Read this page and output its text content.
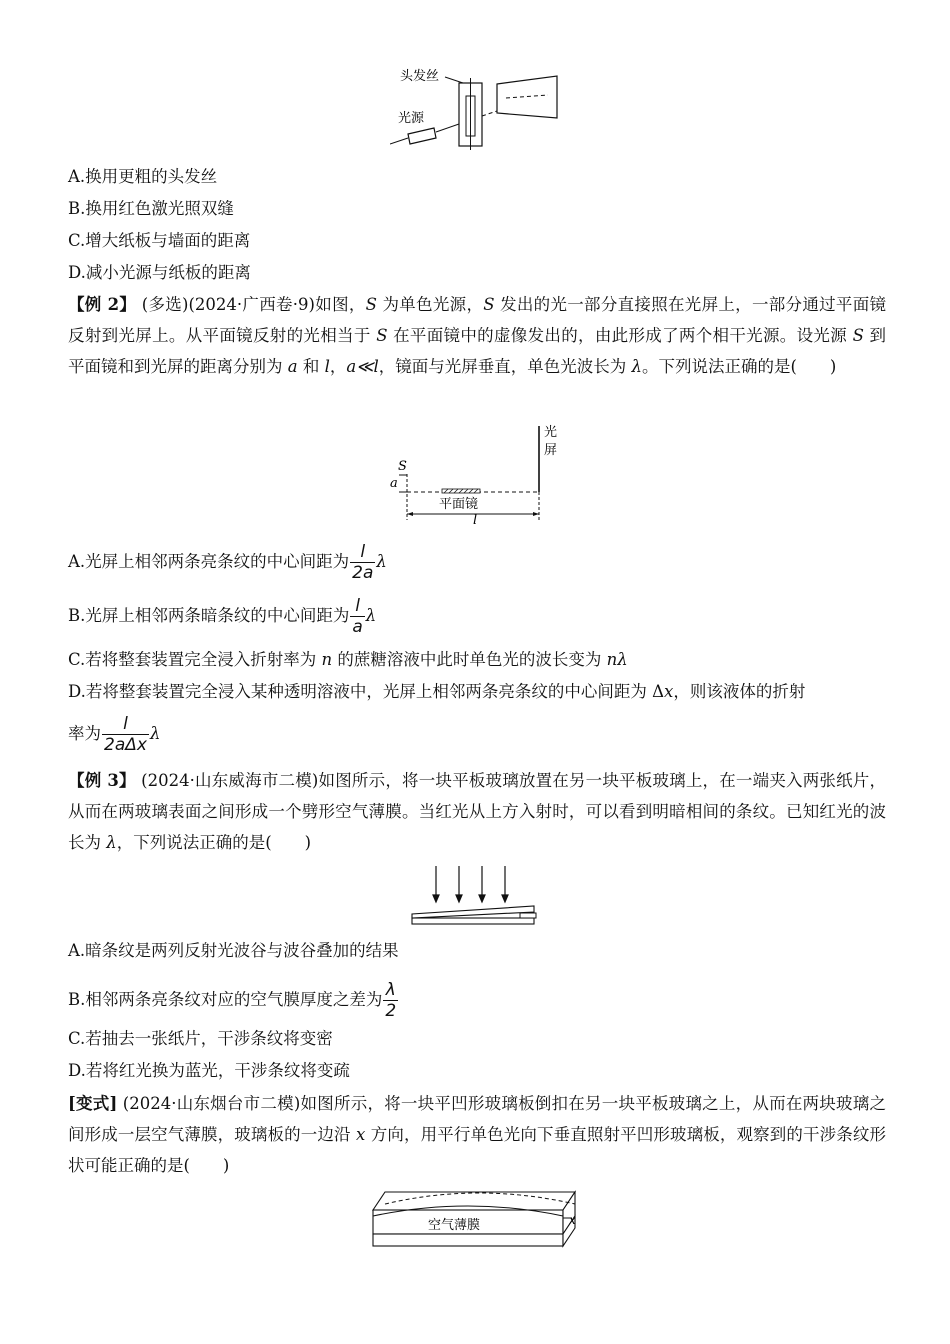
头发丝
光源
A.换用更粗的头发丝
B.换用红色激光照双缝
C.增大纸板与墙面的距离
D.减小光源与纸板的距离
【例 2】 (多选)(2024·广西卷·9)如图，S 为单色光源，S 发出的光一部分直接照在光屏上，一部分通过平面镜反射到光屏上。从平面镜反射的光相当于 S 在平面镜中的虚像发出的，由此形成了两个相干光源。设光源 S 到平面镜和到光屏的距离分别为 a 和 l，a≪l，镜面与光屏垂直，单色光波长为 λ。下列说法正确的是(　　)
光
屏
S
a
平面镜
l
A.光屏上相邻两条亮条纹的中心间距为 $\frac{l}{2a}$ λ
B.光屏上相邻两条暗条纹的中心间距为 $\frac{l}{a}$ λ
C.若将整套装置完全浸入折射率为 n 的蔗糖溶液中此时单色光的波长变为 nλ
D.若将整套装置完全浸入某种透明溶液中，光屏上相邻两条亮条纹的中心间距为 Δx，则该液体的折射
率为 $\frac{l}{\text{2aΔx}}$ λ
【例 3】 (2024·山东威海市二模)如图所示，将一块平板玻璃放置在另一块平板玻璃上，在一端夹入两张纸片，从而在两玻璃表面之间形成一个劈形空气薄膜。当红光从上方入射时，可以看到明暗相间的条纹。已知红光的波长为 λ，下列说法正确的是(　　)
A.暗条纹是两列反射光波谷与波谷叠加的结果
B.相邻两条亮条纹对应的空气膜厚度之差为 $\frac{\lambda}{2}$
C.若抽去一张纸片，干涉条纹将变密
D.若将红光换为蓝光，干涉条纹将变疏
[变式] (2024·山东烟台市二模)如图所示，将一块平凹形玻璃板倒扣在另一块平板玻璃之上，从而在两块玻璃之间形成一层空气薄膜，玻璃板的一边沿 x 方向，用平行单色光向下垂直照射平凹形玻璃板，观察到的干涉条纹形状可能正确的是(　　)
空气薄膜	x
